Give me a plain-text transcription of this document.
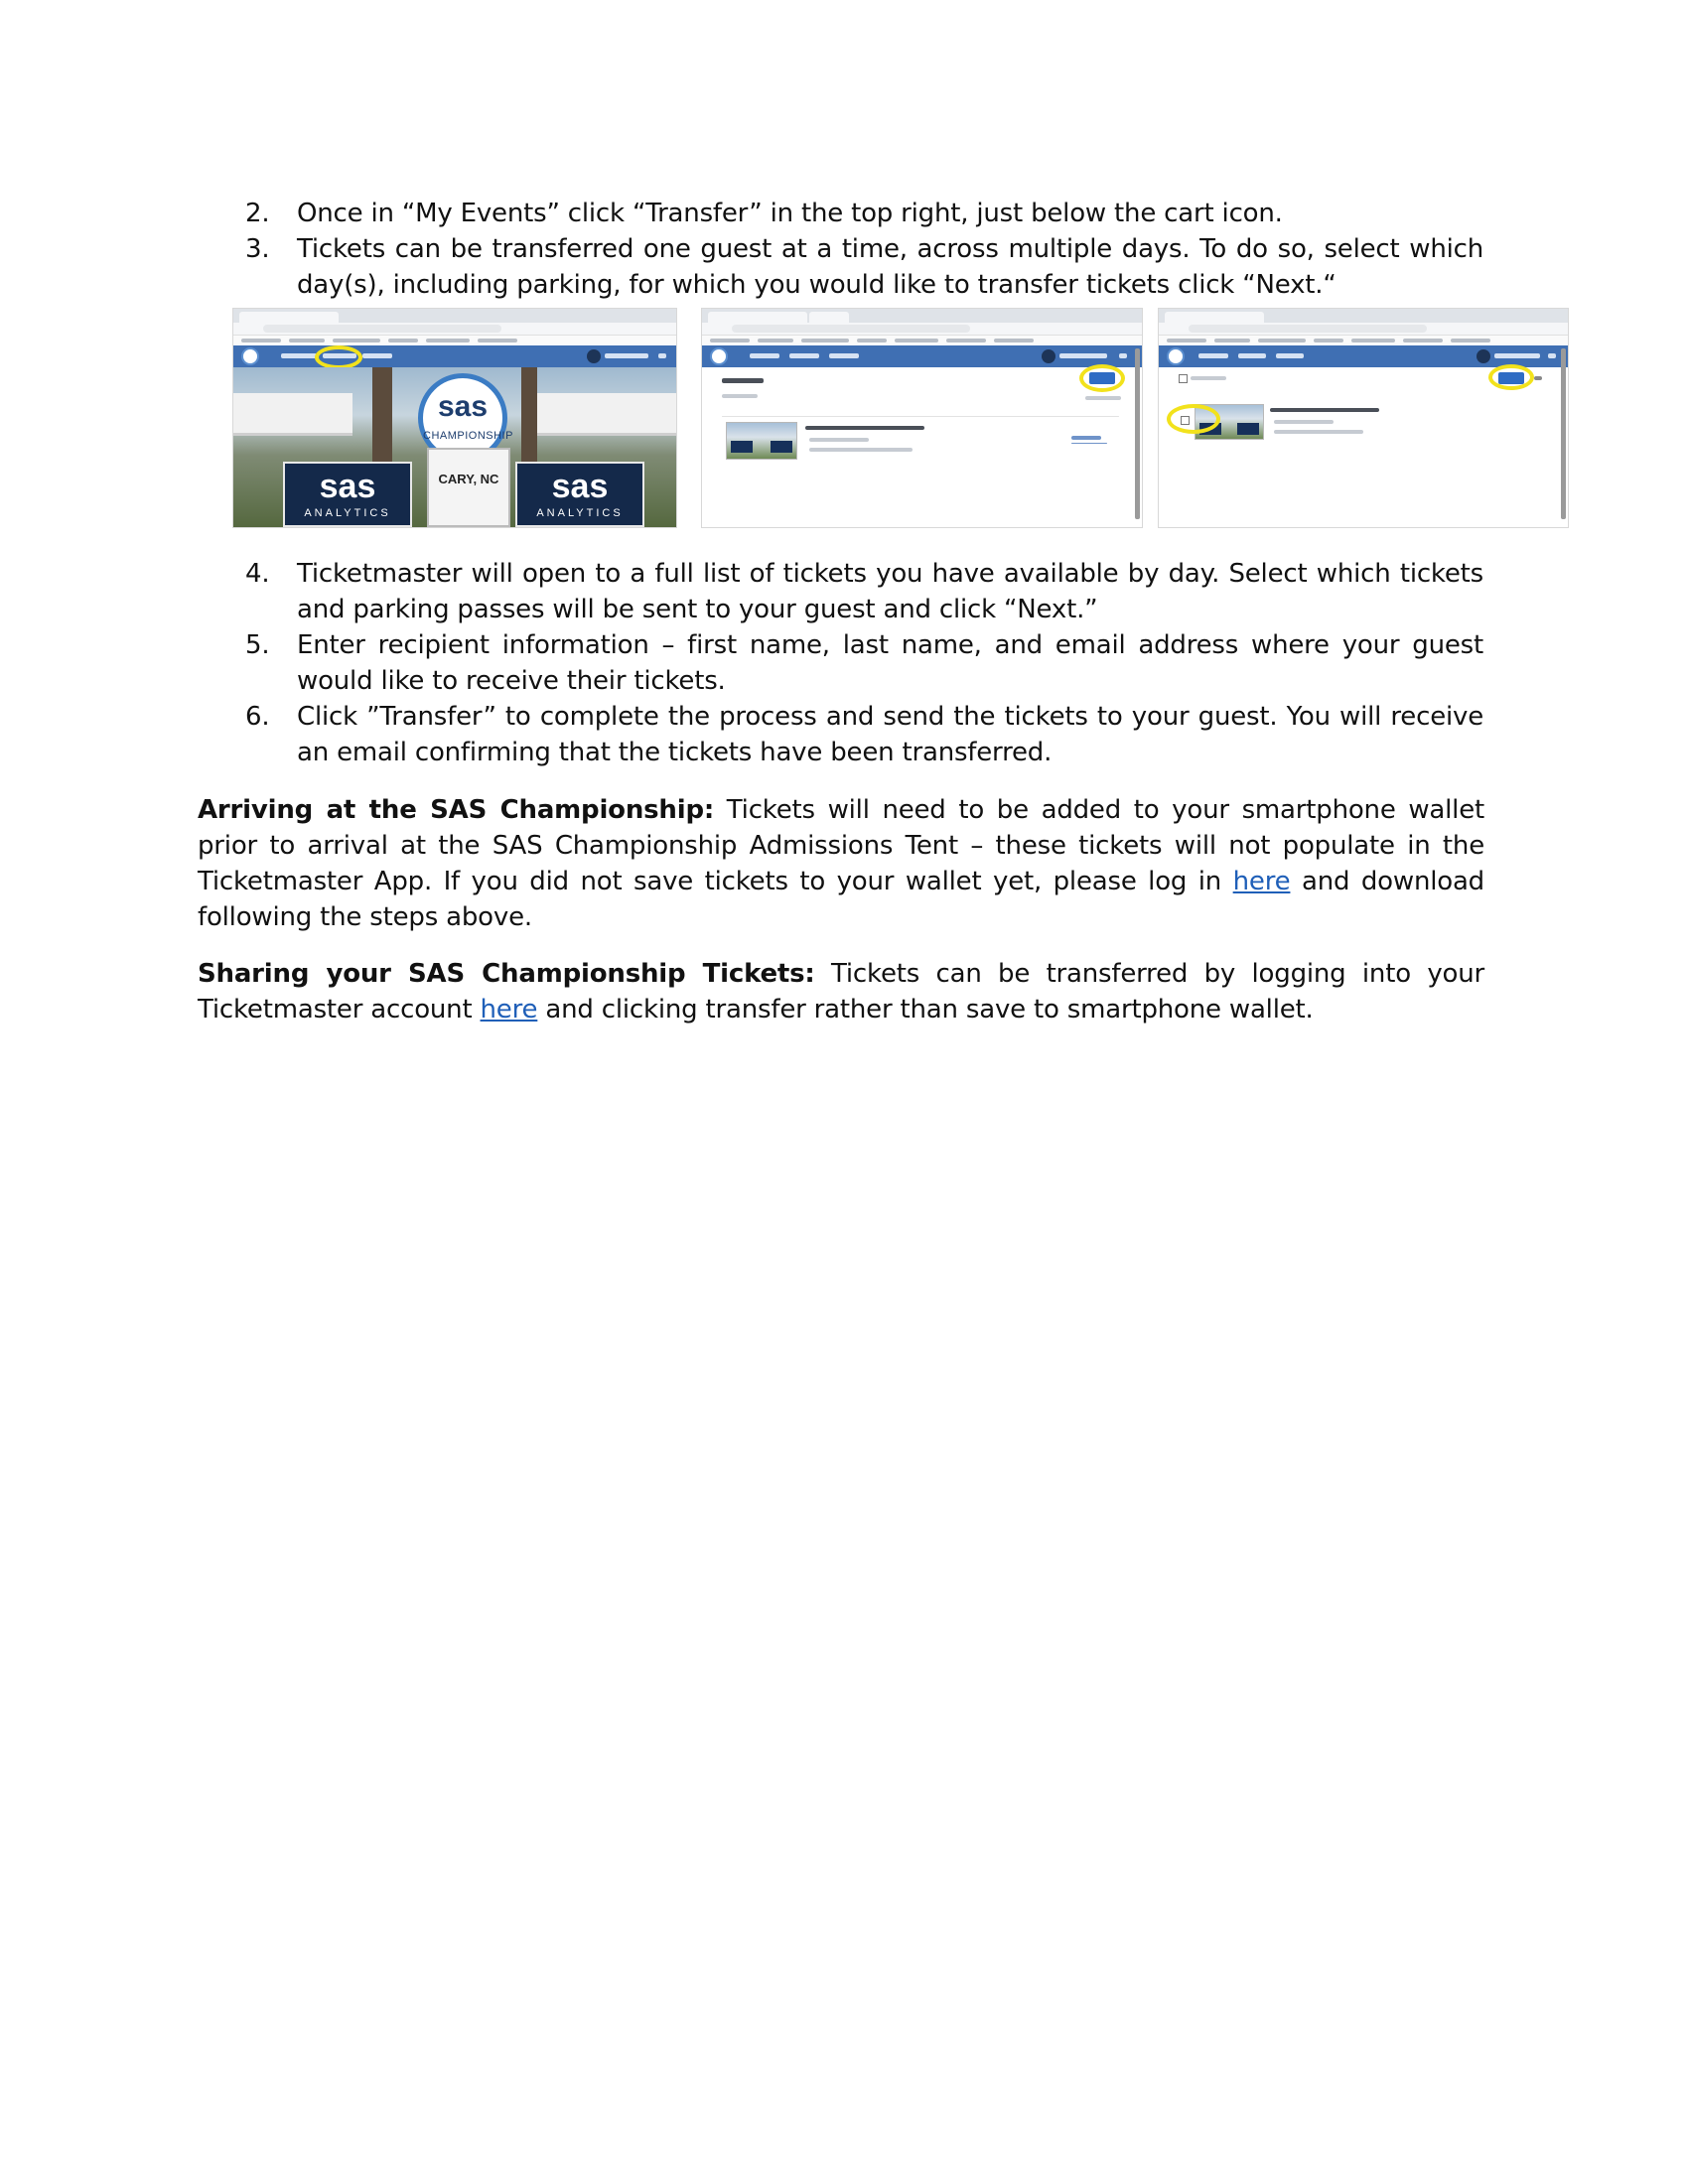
2.	Once in “My Events” click “Transfer” in the top right, just below the cart icon.
3.	Tickets can be transferred one guest at a time, across multiple days. To do so, select which day(s), including parking, for which you would like to transfer tickets click “Next.“
sas
CHAMPIONSHIP
CARY, NC
sas
ANALYTICS
sas
ANALYTICS
4.	Ticketmaster will open to a full list of tickets you have available by day. Select which tickets and parking passes will be sent to your guest and click “Next.”
5.	Enter recipient information – first name, last name, and email address where your guest would like to receive their tickets.
6.	Click ”Transfer” to complete the process and send the tickets to your guest. You will receive an email confirming that the tickets have been transferred.
Arriving at the SAS Championship: Tickets will need to be added to your smartphone wallet prior to arrival at the SAS Championship Admissions Tent – these tickets will not populate in the Ticketmaster App. If you did not save tickets to your wallet yet, please log in here and download following the steps above.
Sharing your SAS Championship Tickets: Tickets can be transferred by logging into your Ticketmaster account here and clicking transfer rather than save to smartphone wallet.
